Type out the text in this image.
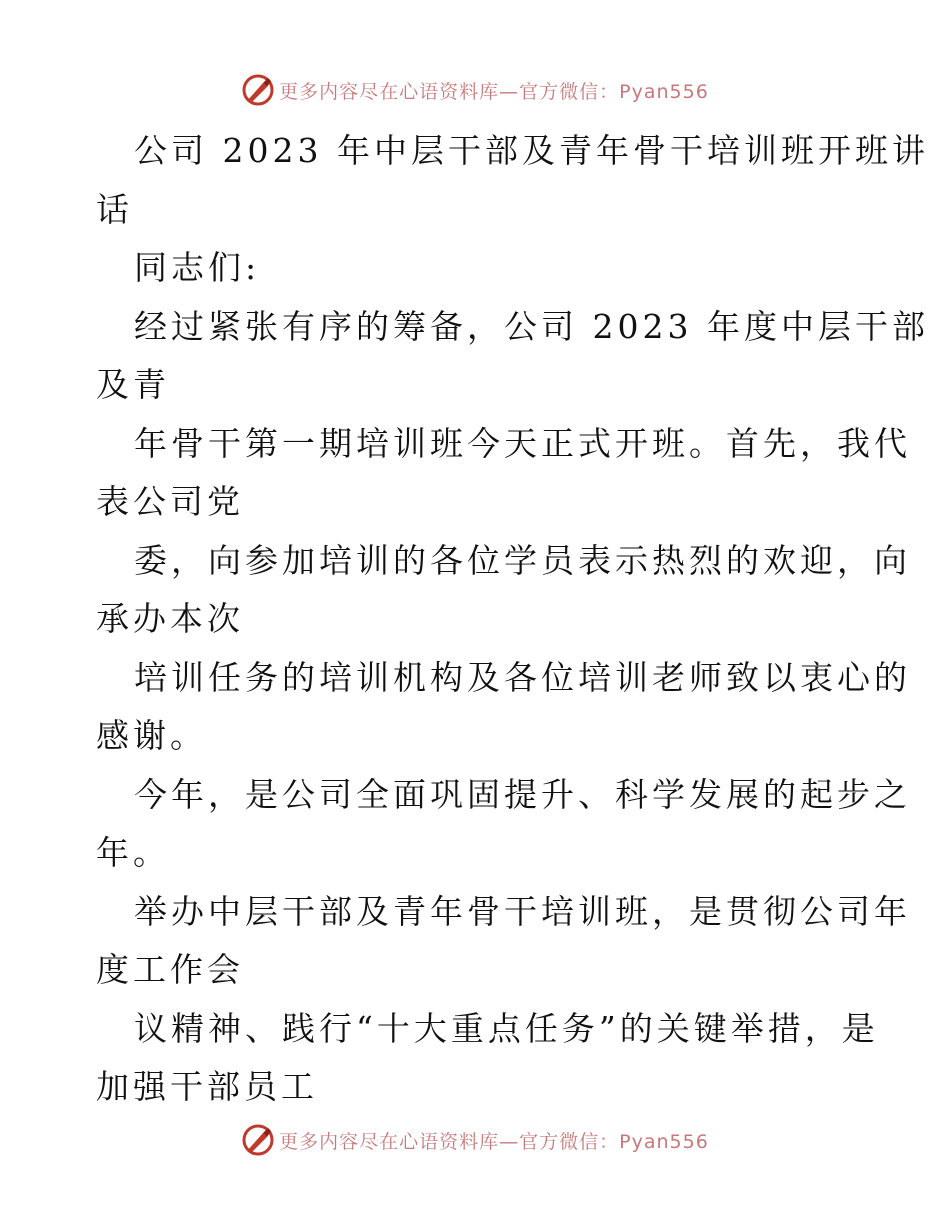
更多内容尽在心语资料库—官方微信：Pyan556
公司 2023 年中层干部及青年骨干培训班开班讲
话
同志们:
经过紧张有序的筹备，公司 2023 年度中层干部
及青
年骨干第一期培训班今天正式开班。首先，我代
表公司党
委，向参加培训的各位学员表示热烈的欢迎，向
承办本次
培训任务的培训机构及各位培训老师致以衷心的
感谢。
今年，是公司全面巩固提升、科学发展的起步之
年。
举办中层干部及青年骨干培训班，是贯彻公司年
度工作会
议精神、践行“十大重点任务”的关键举措，是
加强干部员工
更多内容尽在心语资料库—官方微信：Pyan556
